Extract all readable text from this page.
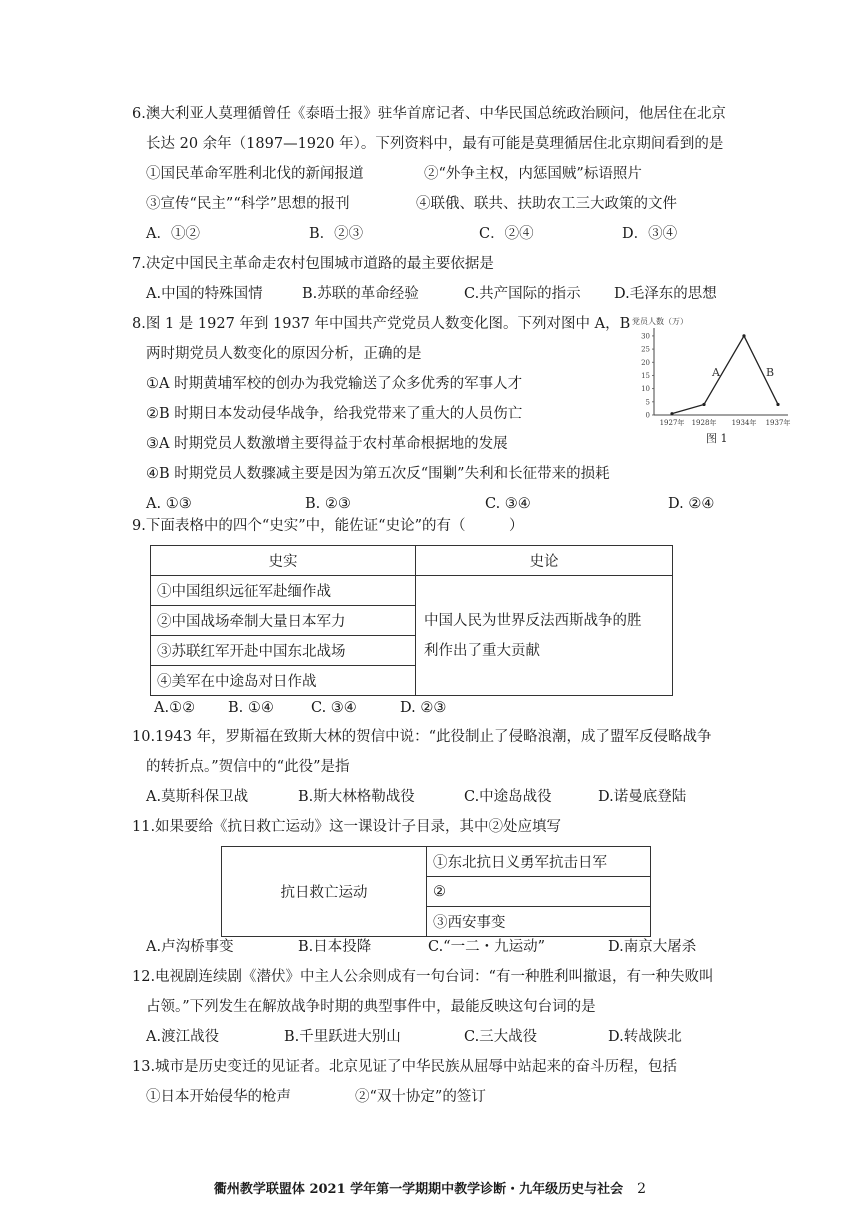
6.澳大利亚人莫理循曾任《泰晤士报》驻华首席记者、中华民国总统政治顾问，他居住在北京
长达 20 余年（1897—1920 年）。下列资料中，最有可能是莫理循居住北京期间看到的是
①国民革命军胜利北伐的新闻报道	②“外争主权，内惩国贼”标语照片
③宣传“民主”“科学”思想的报刊	④联俄、联共、扶助农工三大政策的文件
A．①②	B．②③	C．②④	D．③④
7.决定中国民主革命走农村包围城市道路的最主要依据是
A.中国的特殊国情	B.苏联的革命经验	C.共产国际的指示 D.毛泽东的思想
8.图 1 是 1927 年到 1937 年中国共产党党员人数变化图。下列对图中 A，B
两时期党员人数变化的原因分析，正确的是
①A 时期黄埔军校的创办为我党输送了众多优秀的军事人才
②B 时期日本发动侵华战争，给我党带来了重大的人员伤亡
③A 时期党员人数激增主要得益于农村革命根据地的发展
④B 时期党员人数骤减主要是因为第五次反“围剿”失利和长征带来的损耗
A. ①③	B. ②③	C. ③④	D. ②④
党员人数（万）
0
5
10
15
20
25
30
1927年 1928年 1934年 1937年
A	B
图 1
9.下面表格中的四个“史实”中，能佐证“史论”的有（　　　）
史实	史论
①中国组织远征军赴缅作战	中国人民为世界反法西斯战争的胜
利作出了重大贡献

②中国战场牵制大量日本军力	
③苏联红军开赴中国东北战场	
④美军在中途岛对日作战	
A.①② B. ①④	C. ③④	D. ②③
10.1943 年，罗斯福在致斯大林的贺信中说：“此役制止了侵略浪潮，成了盟军反侵略战争
的转折点。”贺信中的“此役”是指
A.莫斯科保卫战	B.斯大林格勒战役	C.中途岛战役	D.诺曼底登陆
11.如果要给《抗日救亡运动》这一课设计子目录，其中②处应填写
抗日救亡运动	①东北抗日义勇军抗击日军
②
③西安事变
A.卢沟桥事变	B.日本投降	C.“一二・九运动”	D.南京大屠杀
12.电视剧连续剧《潜伏》中主人公余则成有一句台词：“有一种胜利叫撤退，有一种失败叫
占领。”下列发生在解放战争时期的典型事件中，最能反映这句台词的是
A.渡江战役	B.千里跃进大别山	C.三大战役	D.转战陕北
13.城市是历史变迁的见证者。北京见证了中华民族从屈辱中站起来的奋斗历程，包括
①日本开始侵华的枪声	②“双十协定”的签订
衢州教学联盟体 2021 学年第一学期期中教学诊断・九年级历史与社会 2
